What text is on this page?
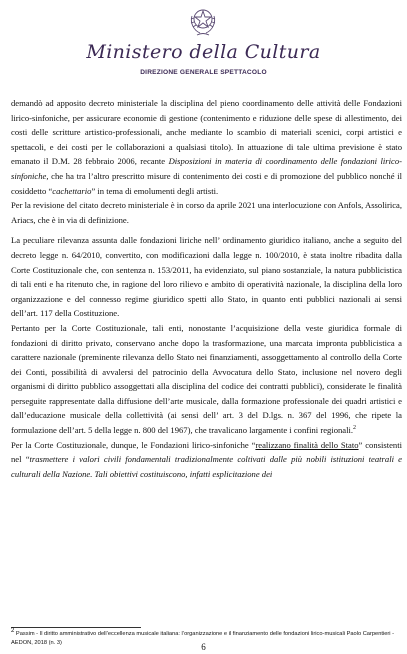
Ministero della Cultura
DIREZIONE GENERALE SPETTACOLO

demandò ad apposito decreto ministeriale la disciplina del pieno coordinamento delle attività delle Fondazioni lirico-sinfoniche, per assicurare economie di gestione (contenimento e riduzione delle spese di allestimento, dei costi delle scritture artistico-professionali, anche mediante lo scambio di materiali scenici, corpi artistici e spettacoli, e dei costi per le collaborazioni a qualsiasi titolo). In attuazione di tale ultima previsione è stato emanato il D.M. 28 febbraio 2006, recante Disposizioni in materia di coordinamento delle fondazioni lirico-sinfoniche, che ha tra l’altro prescritto misure di contenimento dei costi e di promozione del pubblico nonché il cosiddetto “cachettario” in tema di emolumenti degli artisti.

Per la revisione del citato decreto ministeriale è in corso da aprile 2021 una interlocuzione con Anfols, Assolirica, Ariacs, che è in via di definizione.

La peculiare rilevanza assunta dalle fondazioni liriche nell’ ordinamento giuridico italiano, anche a seguito del decreto legge n. 64/2010, convertito, con modificazioni dalla legge n. 100/2010, è stata inoltre ribadita dalla Corte Costituzionale che, con sentenza n. 153/2011, ha evidenziato, sul piano sostanziale, la natura pubblicistica di tali enti e ha ritenuto che, in ragione del loro rilievo e ambito di operatività nazionale, la disciplina della loro organizzazione e del connesso regime giuridico spetti allo Stato, in quanto enti pubblici nazionali ai sensi dell’art. 117 della Costituzione.

Pertanto per la Corte Costituzionale, tali enti, nonostante l’acquisizione della veste giuridica formale di fondazioni di diritto privato, conservano anche dopo la trasformazione, una marcata impronta pubblicistica a carattere nazionale (preminente rilevanza dello Stato nei finanziamenti, assoggettamento al controllo della Corte dei Conti, possibilità di avvalersi del patrocinio della Avvocatura dello Stato, inclusione nel novero degli organismi di diritto pubblico assoggettati alla disciplina del codice dei contratti pubblici), considerate le finalità perseguite rappresentate dalla diffusione dell’arte musicale, dalla formazione professionale dei quadri artistici e dall’educazione musicale della collettività (ai sensi dell’ art. 3 del D.lgs. n. 367 del 1996, che ripete la formulazione dell’art. 5 della legge n. 800 del 1967), che travalicano largamente i confini regionali.$^2$

Per la Corte Costituzionale, dunque, le Fondazioni lirico-sinfoniche “realizzano finalità dello Stato” consistenti nel “trasmettere i valori civili fondamentali tradizionalmente coltivati dalle più nobili istituzioni teatrali e culturali della Nazione. Tali obiettivi costituiscono, infatti esplicitazione dei

$^2$ Passim - Il diritto amministrativo dell’eccellenza musicale italiana: l’organizzazione e il finanziamento delle fondazioni lirico-musicali Paolo Carpentieri - AEDON, 2018 (n. 3)	6
